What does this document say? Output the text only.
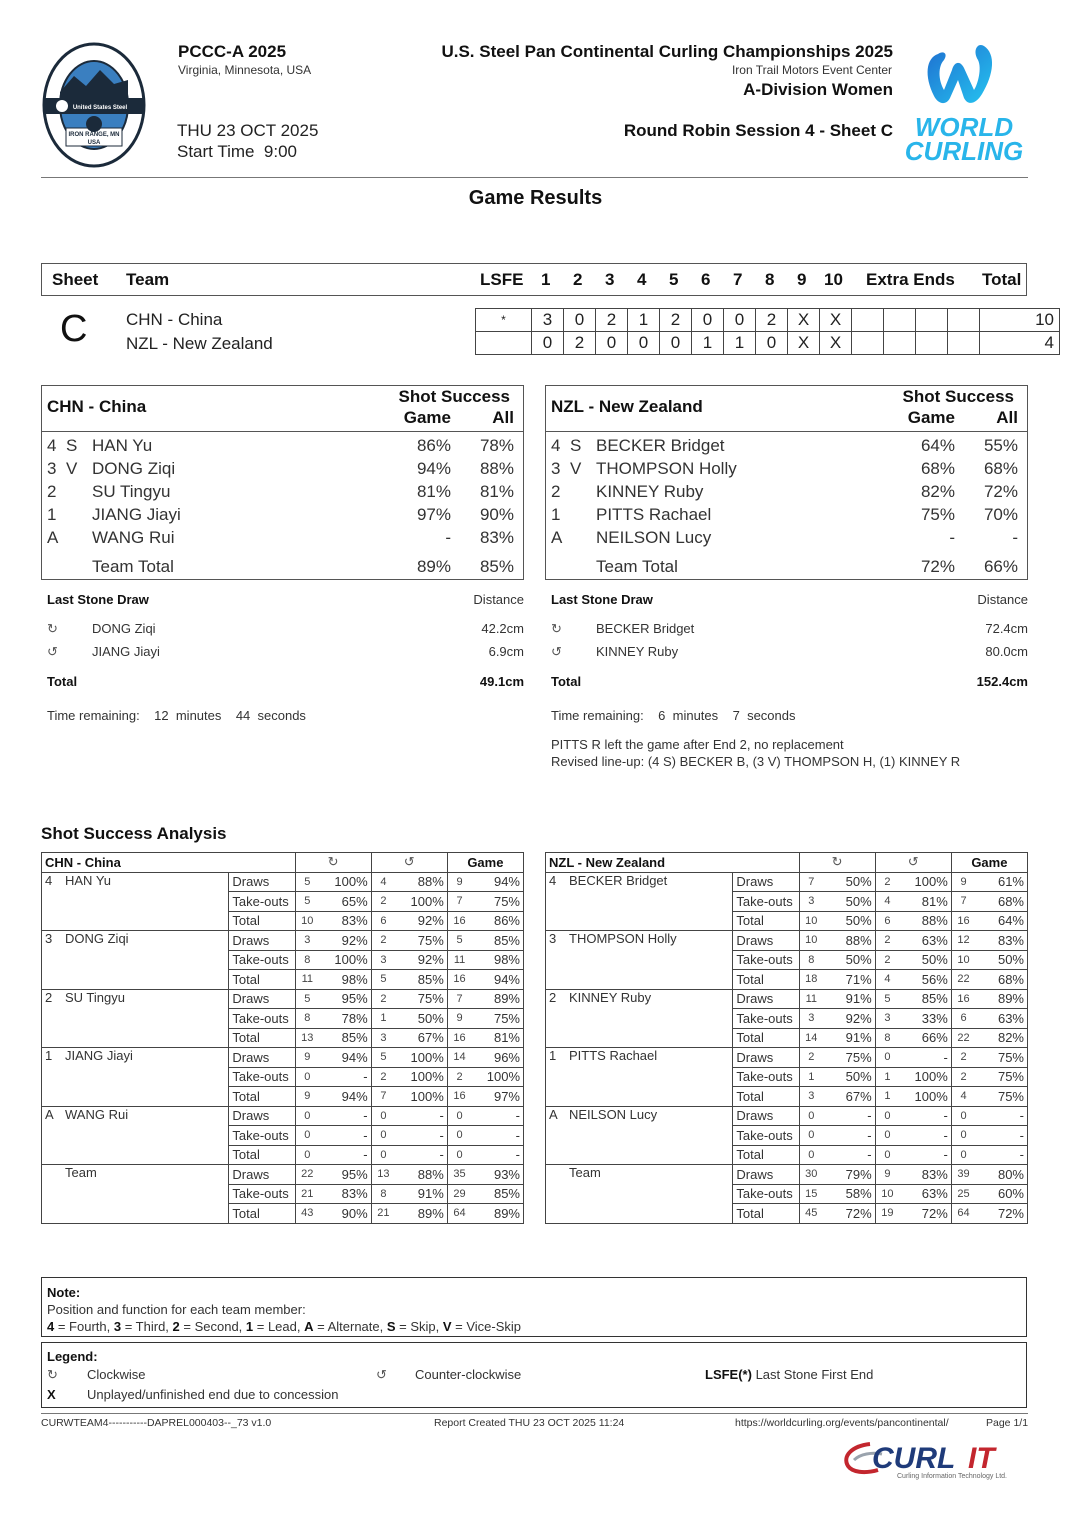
United States Steel
20	25
IRON RANGE, MN
USA
PCCC-A 2025
Virginia, Minnesota, USA
THU 23 OCT 2025
Start Time  9:00
U.S. Steel Pan Continental Curling Championships 2025
Iron Trail Motors Event Center
A-Division Women
Round Robin Session 4 - Sheet C WORLD
CURLING
Game Results
Sheet Team	LSFE 1 2 3 4 5 6 7 8 9 10 Extra Ends Total
C CHN - China
NZL - New Zealand
*	3	0	2	1	2	0	0	2	X	X					10
	0	2	0	0	0	1	1	0	X	X					4
CHN - China
Shot Success
Game All
4 S HAN Yu	86% 78%
3 V DONG Ziqi	94% 88%
2 SU Tingyu	81% 81%
1 JIANG Jiayi	97% 90%
A WANG Rui	- 83%
Team Total	89% 85%
Last Stone Draw	Distance
↻	DONG Ziqi	42.2cm
↺	JIANG Jiayi	6.9cm
Total	49.1cm
Time remaining: 12  minutes 44  seconds
NZL - New Zealand
Shot Success
Game All
4 S BECKER Bridget	64% 55%
3 V THOMPSON Holly	68% 68%
2 KINNEY Ruby	82% 72%
1 PITTS Rachael	75% 70%
A NEILSON Lucy	-	-
Team Total	72% 66%
Last Stone Draw	Distance
↻	BECKER Bridget	72.4cm
↺	KINNEY Ruby	80.0cm
Total	152.4cm
Time remaining: 6  minutes 7  seconds
PITTS R left the game after End 2, no replacement
Revised line-up: (4 S) BECKER B, (3 V) THOMPSON H, (1) KINNEY R
Shot Success Analysis
CHN - China		↻		↺		Game	
4 HAN Yu	Draws	5	100%	4	88%	9	94%
	Take-outs	5	65%	2	100%	7	75%
	Total	10	83%	6	92%	16	86%
3 DONG Ziqi	Draws	3	92%	2	75%	5	85%
	Take-outs	8	100%	3	92%	11	98%
	Total	11	98%	5	85%	16	94%
2 SU Tingyu	Draws	5	95%	2	75%	7	89%
	Take-outs	8	78%	1	50%	9	75%
	Total	13	85%	3	67%	16	81%
1 JIANG Jiayi	Draws	9	94%	5	100%	14	96%
	Take-outs	0	-	2	100%	2	100%
	Total	9	94%	7	100%	16	97%
A WANG Rui	Draws	0	-	0	-	0	-
	Take-outs	0	-	0	-	0	-
	Total	0	-	0	-	0	-
Team	Draws	22	95%	13	88%	35	93%
	Take-outs	21	83%	8	91%	29	85%
	Total	43	90%	21	89%	64	89%
NZL - New Zealand		↻		↺		Game	
4 BECKER Bridget	Draws	7	50%	2	100%	9	61%
	Take-outs	3	50%	4	81%	7	68%
	Total	10	50%	6	88%	16	64%
3 THOMPSON Holly	Draws	10	88%	2	63%	12	83%
	Take-outs	8	50%	2	50%	10	50%
	Total	18	71%	4	56%	22	68%
2 KINNEY Ruby	Draws	11	91%	5	85%	16	89%
	Take-outs	3	92%	3	33%	6	63%
	Total	14	91%	8	66%	22	82%
1 PITTS Rachael	Draws	2	75%	0	-	2	75%
	Take-outs	1	50%	1	100%	2	75%
	Total	3	67%	1	100%	4	75%
A NEILSON Lucy	Draws	0	-	0	-	0	-
	Take-outs	0	-	0	-	0	-
	Total	0	-	0	-	0	-
Team	Draws	30	79%	9	83%	39	80%
	Take-outs	15	58%	10	63%	25	60%
	Total	45	72%	19	72%	64	72%
Note:
Position and function for each team member:
4 = Fourth, 3 = Third, 2 = Second, 1 = Lead, A = Alternate, S = Skip, V = Vice-Skip
Legend:
↻ Clockwise	↺ Counter-clockwise	LSFE(*) Last Stone First End
X Unplayed/unfinished end due to concession
CURWTEAM4-----------DAPREL000403--_73 v1.0	Report Created THU 23 OCT 2025 11:24	https://worldcurling.org/events/pancontinental/	Page 1/1
CURL IT
Curling Information Technology Ltd.
